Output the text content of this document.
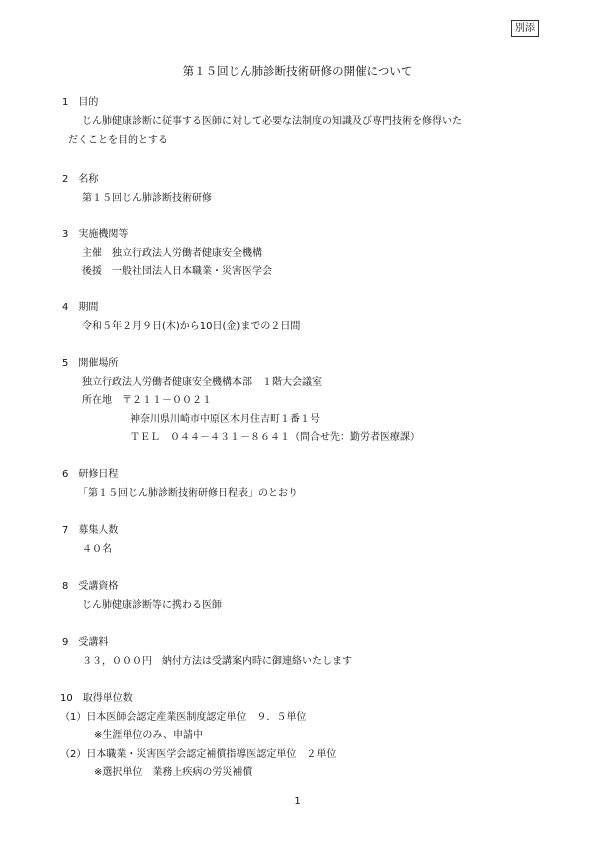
別添
第１５回じん肺診断技術研修の開催について
1　目的
じん肺健康診断に従事する医師に対して必要な法制度の知識及び専門技術を修得いた
だくことを目的とする
2　名称
第１５回じん肺診断技術研修
3　実施機関等
主催　独立行政法人労働者健康安全機構
後援　一般社団法人日本職業・災害医学会
4　期間
令和５年２月９日(木)から10日(金)までの２日間
5　開催場所
独立行政法人労働者健康安全機構本部　１階大会議室
所在地　〒２１１－００２１
神奈川県川崎市中原区木月住吉町１番１号
ＴＥＬ　０４４－４３１－８６４１（問合せ先：勤労者医療課）
6　研修日程
「第１５回じん肺診断技術研修日程表」のとおり
7　募集人数
４０名
8　受講資格
じん肺健康診断等に携わる医師
9　受講料
３３，０００円　納付方法は受講案内時に御連絡いたします
10　取得単位数
（1）日本医師会認定産業医制度認定単位　９．５単位
※生涯単位のみ、申請中
（2）日本職業・災害医学会認定補償指導医認定単位　２単位
※選択単位　業務上疾病の労災補償
1
